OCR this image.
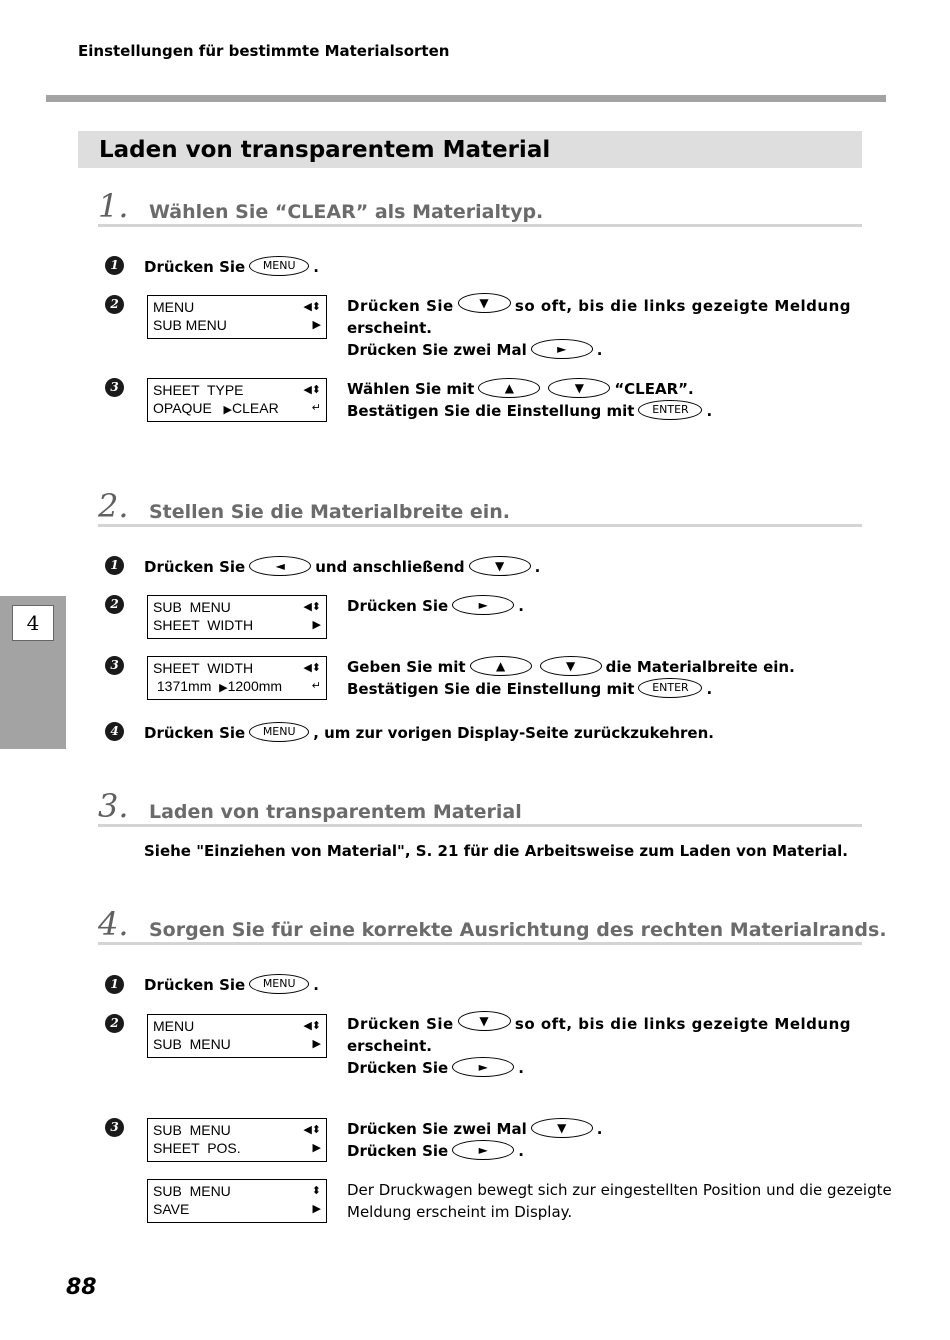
Einstellungen für bestimmte Materialsorten
Laden von transparentem Material
4
1. Wählen Sie “CLEAR” als Materialtyp.
1	Drücken Sie MENU .
2	MENU	◀⬍
SUB MENU	▶
Drücken Sie	▼	so oft, bis die links gezeigte Meldung
erscheint.
Drücken Sie zwei Mal	► .
3	SHEET  TYPE	◀⬍
OPAQUE ▶CLEAR	↵
Wählen Sie mit	▲	▼ “CLEAR”.
Bestätigen Sie die Einstellung mit ENTER .
2. Stellen Sie die Materialbreite ein.
1	Drücken Sie	◄ und anschließend	▼ .
2	SUB  MENU	◀⬍
SHEET  WIDTH	▶
Drücken Sie	► .
3	SHEET  WIDTH	◀⬍
1371mm ▶1200mm	↵
Geben Sie mit	▲	▼ die Materialbreite ein.
Bestätigen Sie die Einstellung mit ENTER .
4	Drücken Sie MENU , um zur vorigen Display-Seite zurückzukehren.
3. Laden von transparentem Material
Siehe "Einziehen von Material", S. 21 für die Arbeitsweise zum Laden von Material.
4. Sorgen Sie für eine korrekte Ausrichtung des rechten Materialrands.
1	Drücken Sie MENU .
2	MENU	◀⬍
SUB  MENU	▶
Drücken Sie	▼	so oft, bis die links gezeigte Meldung
erscheint.
Drücken Sie	► .
3	SUB  MENU	◀⬍
SHEET  POS.	▶
Drücken Sie zwei Mal	▼ .
Drücken Sie	► .
SUB  MENU	⬍
SAVE	▶
Der Druckwagen bewegt sich zur eingestellten Position und die gezeigte
Meldung erscheint im Display.
88
